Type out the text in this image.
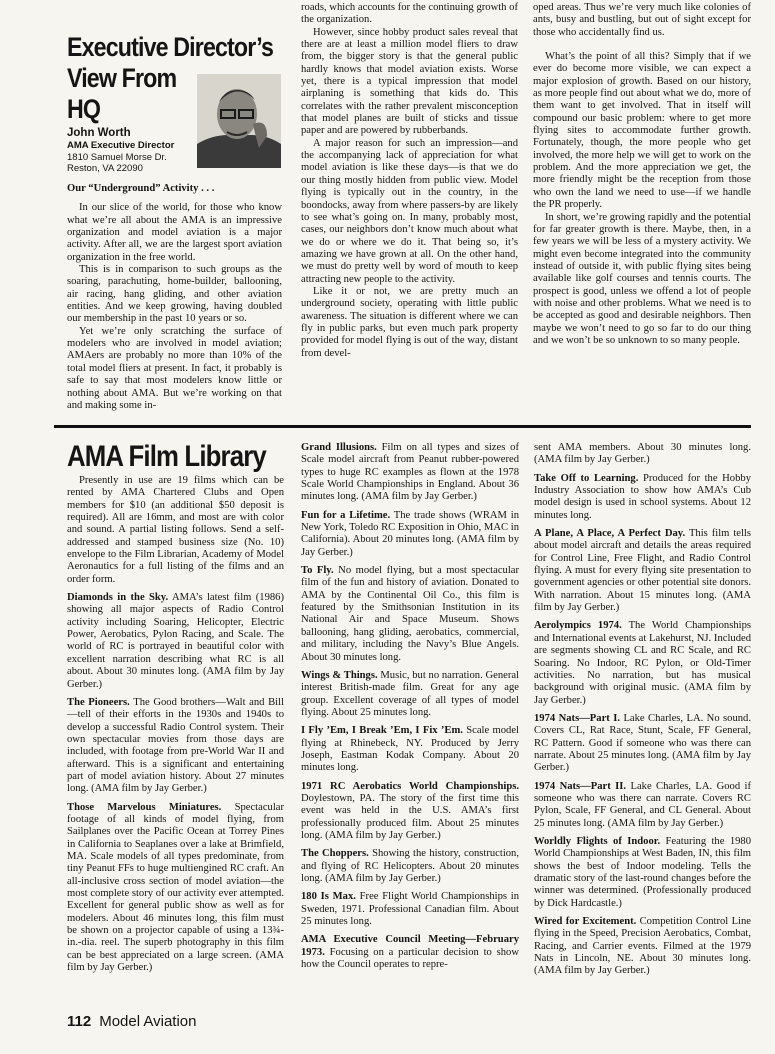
Executive Director’s
View From
HQ
John Worth
AMA Executive Director
1810 Samuel Morse Dr.
Reston, VA 22090

Our “Underground” Activity . . .

In our slice of the world, for those who know what we’re all about the AMA is an impressive organization and model aviation is a major activity. After all, we are the largest sport aviation organization in the free world.

This is in comparison to such groups as the soaring, parachuting, home-builder, ballooning, air racing, hang gliding, and other aviation entities. And we keep growing, having doubled our membership in the past 10 years or so.

Yet we’re only scratching the surface of modelers who are involved in model aviation; AMAers are probably no more than 10% of the total model fliers at present. In fact, it probably is safe to say that most modelers know little or nothing about AMA. But we’re working on that and making some in-

roads, which accounts for the continuing growth of the organization.

However, since hobby product sales reveal that there are at least a million model fliers to draw from, the bigger story is that the general public hardly knows that model aviation exists. Worse yet, there is a typical impression that model airplaning is something that kids do. This correlates with the rather prevalent misconception that model planes are built of sticks and tissue paper and are powered by rubberbands.

A major reason for such an impression—and the accompanying lack of appreciation for what model aviation is like these days—is that we do our thing mostly hidden from public view. Model flying is typically out in the country, in the boondocks, away from where passers-by are likely to see what’s going on. In many, probably most, cases, our neighbors don’t know much about what we do or where we do it. That being so, it’s amazing we have grown at all. On the other hand, we must do pretty well by word of mouth to keep attracting new people to the activity.

Like it or not, we are pretty much an underground society, operating with little public awareness. The situation is different where we can fly in public parks, but even much park property provided for model flying is out of the way, distant from devel-

oped areas. Thus we’re very much like colonies of ants, busy and bustling, but out of sight except for those who accidentally find us.

What’s the point of all this? Simply that if we ever do become more visible, we can expect a major explosion of growth. Based on our history, as more people find out about what we do, more of them want to get involved. That in itself will compound our basic problem: where to get more flying sites to accommodate further growth. Fortunately, though, the more people who get involved, the more help we will get to work on the problem. And the more appreciation we get, the more friendly might be the reception from those who own the land we need to use—if we handle the PR properly.

In short, we’re growing rapidly and the potential for far greater growth is there. Maybe, then, in a few years we will be less of a mystery activity. We might even become integrated into the community instead of outside it, with public flying sites being available like golf courses and tennis courts. The prospect is good, unless we offend a lot of people with noise and other problems. What we need is to be accepted as good and desirable neighbors. Then maybe we won’t need to go so far to do our thing and we won’t be so unknown to so many people.

AMA Film Library

Presently in use are 19 films which can be rented by AMA Chartered Clubs and Open members for $10 (an additional $50 deposit is required). All are 16mm, and most are with color and sound. A partial listing follows. Send a self-addressed and stamped business size (No. 10) envelope to the Film Librarian, Academy of Model Aeronautics for a full listing of the films and an order form.

Diamonds in the Sky. AMA’s latest film (1986) showing all major aspects of Radio Control activity including Soaring, Helicopter, Electric Power, Aerobatics, Pylon Racing, and Scale. The world of RC is portrayed in beautiful color with excellent narration describing what RC is all about. About 30 minutes long. (AMA film by Jay Gerber.)

The Pioneers. The Good brothers—Walt and Bill—tell of their efforts in the 1930s and 1940s to develop a successful Radio Control system. Their own spectacular movies from those days are included, with footage from pre-World War II and afterward. This is a significant and entertaining part of model aviation history. About 27 minutes long. (AMA film by Jay Gerber.)

Those Marvelous Miniatures. Spectacular footage of all kinds of model flying, from Sailplanes over the Pacific Ocean at Torrey Pines in California to Seaplanes over a lake at Brimfield, MA. Scale models of all types predominate, from tiny Peanut FFs to huge multiengined RC craft. An all-inclusive cross section of model aviation—the most complete story of our activity ever attempted. Excellent for general public show as well as for modelers. About 46 minutes long, this film must be shown on a projector capable of using a 13¾-in.-dia. reel. The superb photography in this film can be best appreciated on a large screen. (AMA film by Jay Gerber.)

Grand Illusions. Film on all types and sizes of Scale model aircraft from Peanut rubber-powered types to huge RC examples as flown at the 1978 Scale World Championships in England. About 36 minutes long. (AMA film by Jay Gerber.)

Fun for a Lifetime. The trade shows (WRAM in New York, Toledo RC Exposition in Ohio, MAC in California). About 20 minutes long. (AMA film by Jay Gerber.)

To Fly. No model flying, but a most spectacular film of the fun and history of aviation. Donated to AMA by the Continental Oil Co., this film is featured by the Smithsonian Institution in its National Air and Space Museum. Shows ballooning, hang gliding, aerobatics, commercial, and military, including the Navy’s Blue Angels. About 30 minutes long.

Wings & Things. Music, but no narration. General interest British-made film. Great for any age group. Excellent coverage of all types of model flying. About 25 minutes long.

I Fly ’Em, I Break ’Em, I Fix ’Em. Scale model flying at Rhinebeck, NY. Produced by Jerry Joseph, Eastman Kodak Company. About 20 minutes long.

1971 RC Aerobatics World Championships. Doylestown, PA. The story of the first time this event was held in the U.S. AMA’s first professionally produced film. About 25 minutes long. (AMA film by Jay Gerber.)

The Choppers. Showing the history, construction, and flying of RC Helicopters. About 20 minutes long. (AMA film by Jay Gerber.)

180 Is Max. Free Flight World Championships in Sweden, 1971. Professional Canadian film. About 25 minutes long.

AMA Executive Council Meeting—February 1973. Focusing on a particular decision to show how the Council operates to repre-

sent AMA members. About 30 minutes long. (AMA film by Jay Gerber.)

Take Off to Learning. Produced for the Hobby Industry Association to show how AMA’s Cub model design is used in school systems. About 12 minutes long.

A Plane, A Place, A Perfect Day. This film tells about model aircraft and details the areas required for Control Line, Free Flight, and Radio Control flying. A must for every flying site presentation to government agencies or other potential site donors. With narration. About 15 minutes long. (AMA film by Jay Gerber.)

Aerolympics 1974. The World Championships and International events at Lakehurst, NJ. Included are segments showing CL and RC Scale, and RC Soaring. No Indoor, RC Pylon, or Old-Timer activities. No narration, but has musical background with original music. (AMA film by Jay Gerber.)

1974 Nats—Part I. Lake Charles, LA. No sound. Covers CL, Rat Race, Stunt, Scale, FF General, RC Pattern. Good if someone who was there can narrate. About 25 minutes long. (AMA film by Jay Gerber.)

1974 Nats—Part II. Lake Charles, LA. Good if someone who was there can narrate. Covers RC Pylon, Scale, FF General, and CL General. About 25 minutes long. (AMA film by Jay Gerber.)

Worldly Flights of Indoor. Featuring the 1980 World Championships at West Baden, IN, this film shows the best of Indoor modeling. Tells the dramatic story of the last-round changes before the winner was determined. (Professionally produced by Dick Hardcastle.)

Wired for Excitement. Competition Control Line flying in the Speed, Precision Aerobatics, Combat, Racing, and Carrier events. Filmed at the 1979 Nats in Lincoln, NE. About 30 minutes long. (AMA film by Jay Gerber.)

112 Model Aviation
